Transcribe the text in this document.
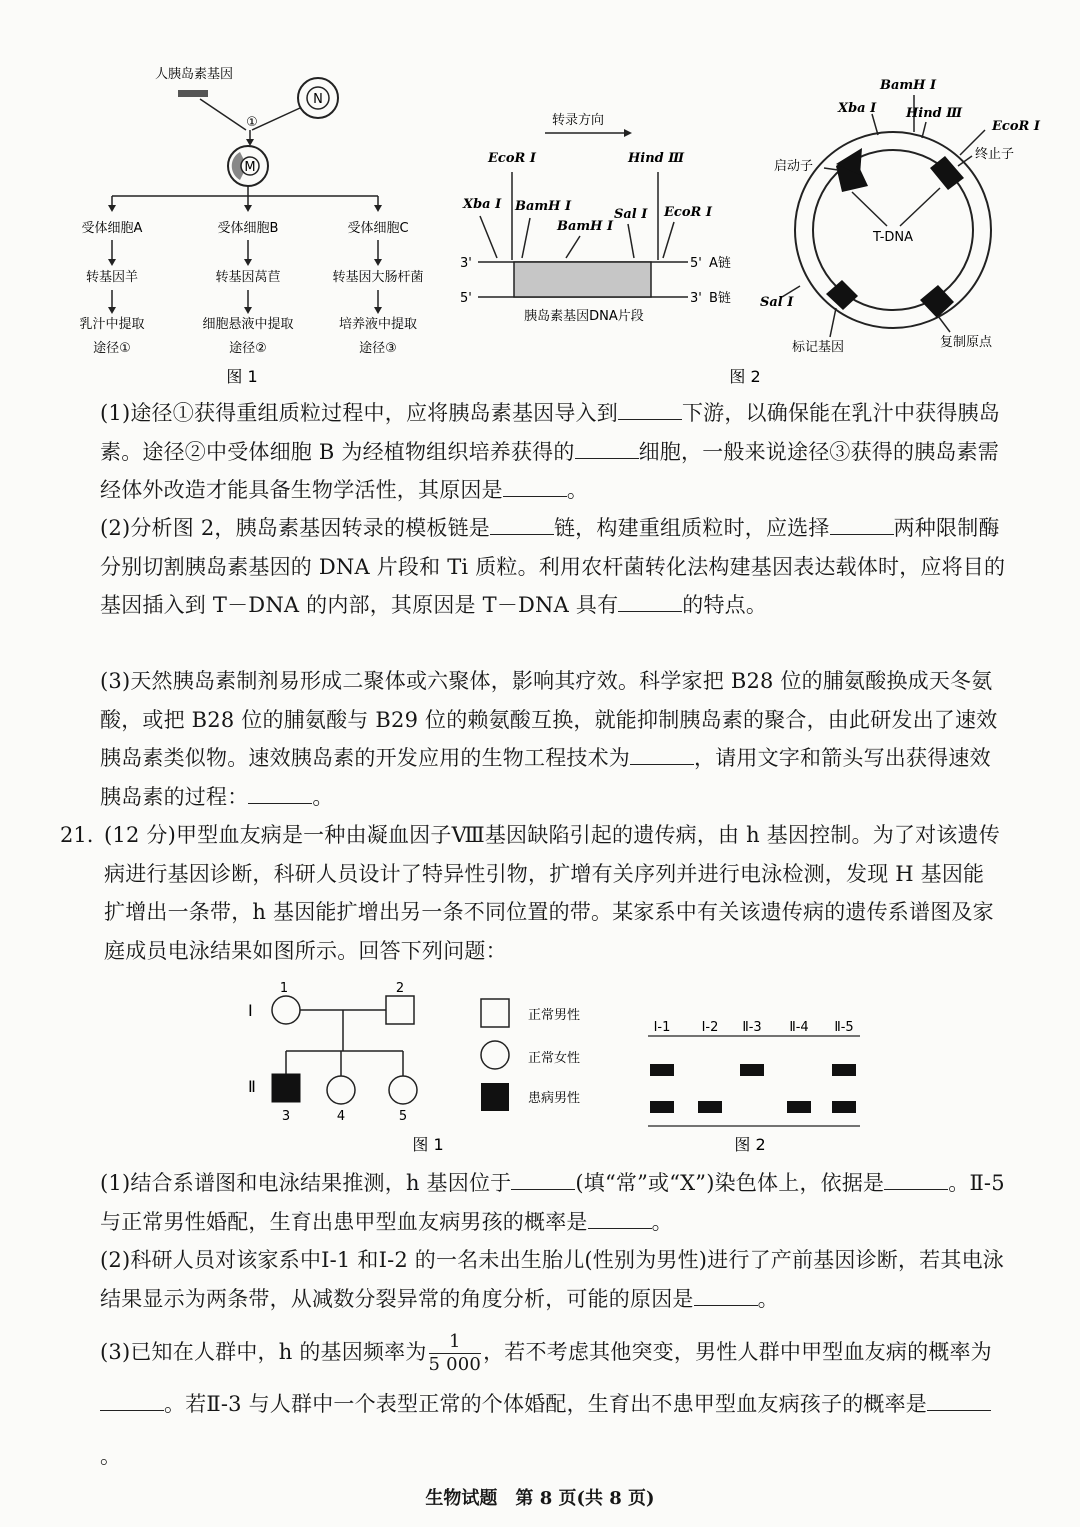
人胰岛素基因
N
①
M
受体细胞A
转基因羊
乳汁中提取
途径①
受体细胞B
转基因莴苣
细胞悬液中提取
途径②
受体细胞C
转基因大肠杆菌
培养液中提取
途径③
图 1
转录方向
3'
5'
5'
3'
A链
B链
胰岛素基因DNA片段
EcoR Ⅰ
Xba Ⅰ BamH Ⅰ
BamH Ⅰ
Sal Ⅰ EcoR Ⅰ
Hind Ⅲ
T-DNA
BamH Ⅰ
Xba Ⅰ Hind Ⅲ
EcoR Ⅰ
Sal Ⅰ
启动子
终止子
标记基因	复制原点
图 2
(1)途径①获得重组质粒过程中，应将胰岛素基因导入到	下游，以确保能在乳汁中获得胰岛素。途径②中受体细胞 B 为经植物组织培养获得的	细胞，一般来说途径③获得的胰岛素需经体外改造才能具备生物学活性，其原因是	。
(2)分析图 2，胰岛素基因转录的模板链是	链，构建重组质粒时，应选择	两种限制酶分别切割胰岛素基因的 DNA 片段和 Ti 质粒。利用农杆菌转化法构建基因表达载体时，应将目的基因插入到 T－DNA 的内部，其原因是 T－DNA 具有	的特点。
(3)天然胰岛素制剂易形成二聚体或六聚体，影响其疗效。科学家把 B28 位的脯氨酸换成天冬氨酸，或把 B28 位的脯氨酸与 B29 位的赖氨酸互换，就能抑制胰岛素的聚合，由此研发出了速效胰岛素类似物。速效胰岛素的开发应用的生物工程技术为	，请用文字和箭头写出获得速效胰岛素的过程：	。
21. (12 分)甲型血友病是一种由凝血因子Ⅷ基因缺陷引起的遗传病，由 h 基因控制。为了对该遗传病进行基因诊断，科研人员设计了特异性引物，扩增有关序列并进行电泳检测，发现 H 基因能扩增出一条带，h 基因能扩增出另一条不同位置的带。某家系中有关该遗传病的遗传系谱图及家庭成员电泳结果如图所示。回答下列问题：
Ⅰ
Ⅱ
1	2
3	4	5
图 1
正常男性
正常女性
患病男性
Ⅰ-1 Ⅰ-2 Ⅱ-3 Ⅱ-4 Ⅱ-5
图 2
(1)结合系谱图和电泳结果推测，h 基因位于	(填“常”或“X”)染色体上，依据是	。Ⅱ-5 与正常男性婚配，生育出患甲型血友病男孩的概率是	。
(2)科研人员对该家系中Ⅰ-1 和Ⅰ-2 的一名未出生胎儿(性别为男性)进行了产前基因诊断，若其电泳结果显示为两条带，从减数分裂异常的角度分析，可能的原因是	。
(3)已知在人群中，h 的基因频率为 $\frac{1}{5 000}$ ，若不考虑其他突变，男性人群中甲型血友病的概率为。若Ⅱ-3 与人群中一个表型正常的个体婚配，生育出不患甲型血友病孩子的概率是。
生物试题　第 8 页(共 8 页)
